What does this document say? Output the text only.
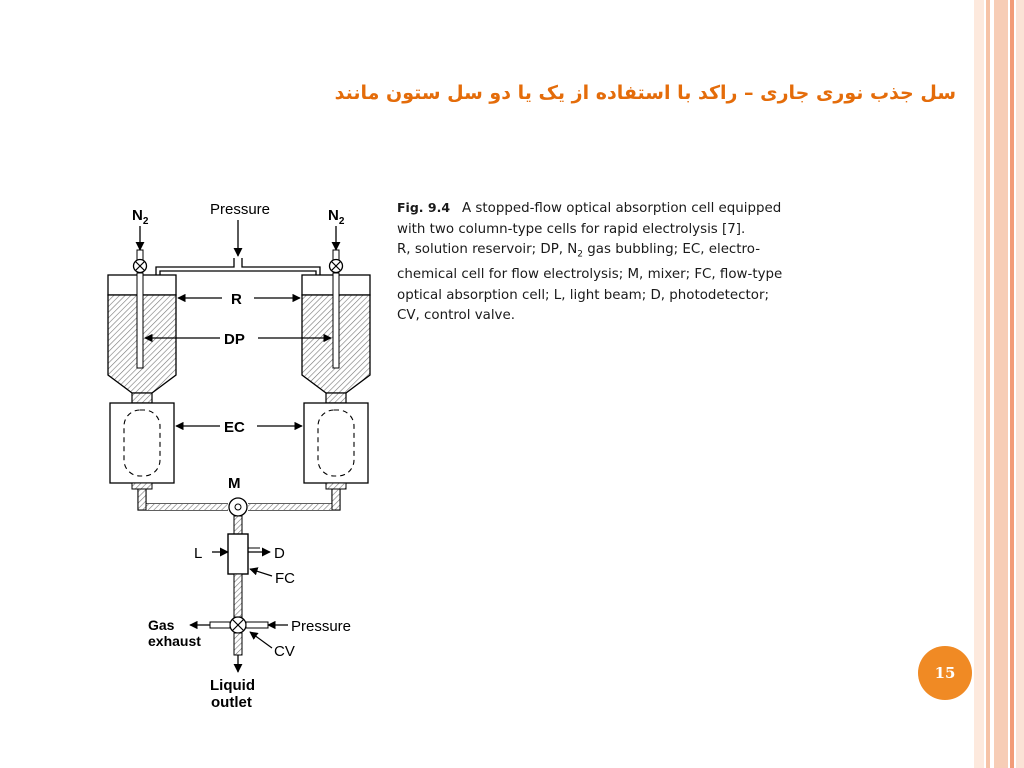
سل جذب نوری جاری – راکد با استفاده از یک یا دو سل ستون مانند
$N_2$	$N_2$
Pressure
R
DP
EC
M
L	D
FC
Gas
exhaust
Pressure
CV
Liquid
outlet
Fig. 9.4 A stopped-flow optical absorption cell equipped
with two column-type cells for rapid electrolysis [7].
R, solution reservoir; DP, $N_2$ gas bubbling; EC, electro-
chemical cell for flow electrolysis; M, mixer; FC, flow-type
optical absorption cell; L, light beam; D, photodetector;
CV, control valve.
15
